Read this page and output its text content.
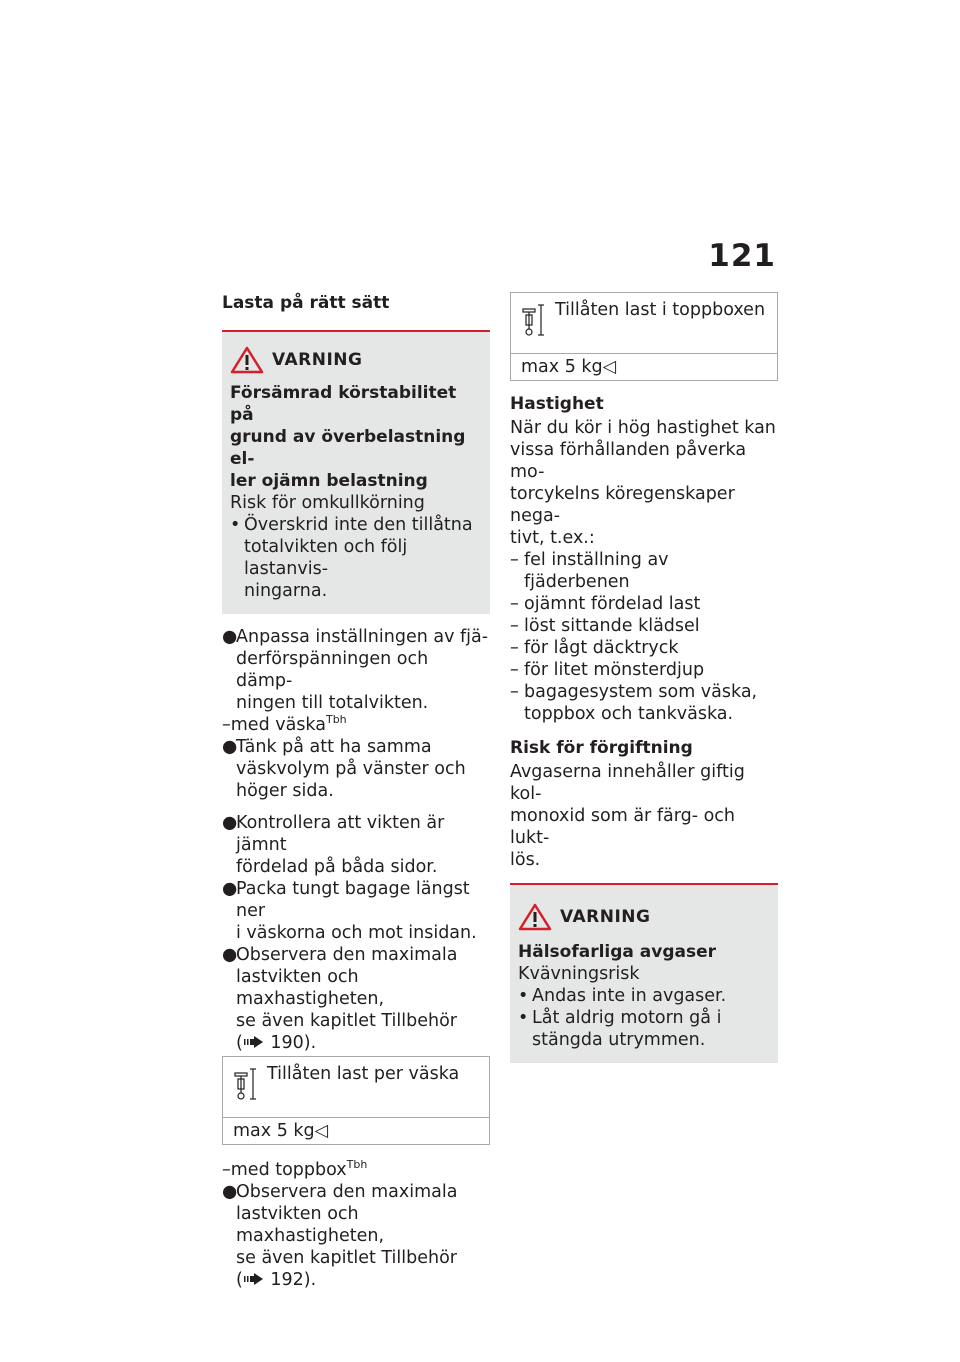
121
Lasta på rätt sätt
VARNING
Försämrad körstabilitet på
grund av överbelastning el-
ler ojämn belastning
Risk för omkullkörning
• Överskrid inte den tillåtna
totalvikten och följ lastanvis-
ningarna.
●
Anpassa inställningen av fjä-
derförspänningen och dämp-
ningen till totalvikten.

–med väska$^{Tbh}$

●
Tänk på att ha samma
väskvolym på vänster och
höger sida.
●
Kontrollera att vikten är jämnt
fördelad på båda sidor.
●
Packa tungt bagage längst ner
i väskorna och mot insidan.
●
Observera den maximala
lastvikten och maxhastigheten,
se även kapitlet Tillbehör
( 190).
Tillåten last per väska
max 5 kg◁

–med toppbox$^{Tbh}$

●
Observera den maximala
lastvikten och maxhastigheten,
se även kapitlet Tillbehör
( 192).
Tillåten last i toppboxen
max 5 kg◁
Hastighet

När du kör i hög hastighet kan
vissa förhållanden påverka mo-
torcykelns köregenskaper nega-
tivt, t.ex.:

– fel inställning av fjäderbenen
– ojämnt fördelad last
– löst sittande klädsel
– för lågt däcktryck
– för litet mönsterdjup
– bagagesystem som väska,
toppbox och tankväska.
Risk för förgiftning

Avgaserna innehåller giftig kol-
monoxid som är färg- och lukt-
lös.

VARNING
Hälsofarliga avgaser
Kvävningsrisk
• Andas inte in avgaser.
• Låt aldrig motorn gå i
stängda utrymmen.
